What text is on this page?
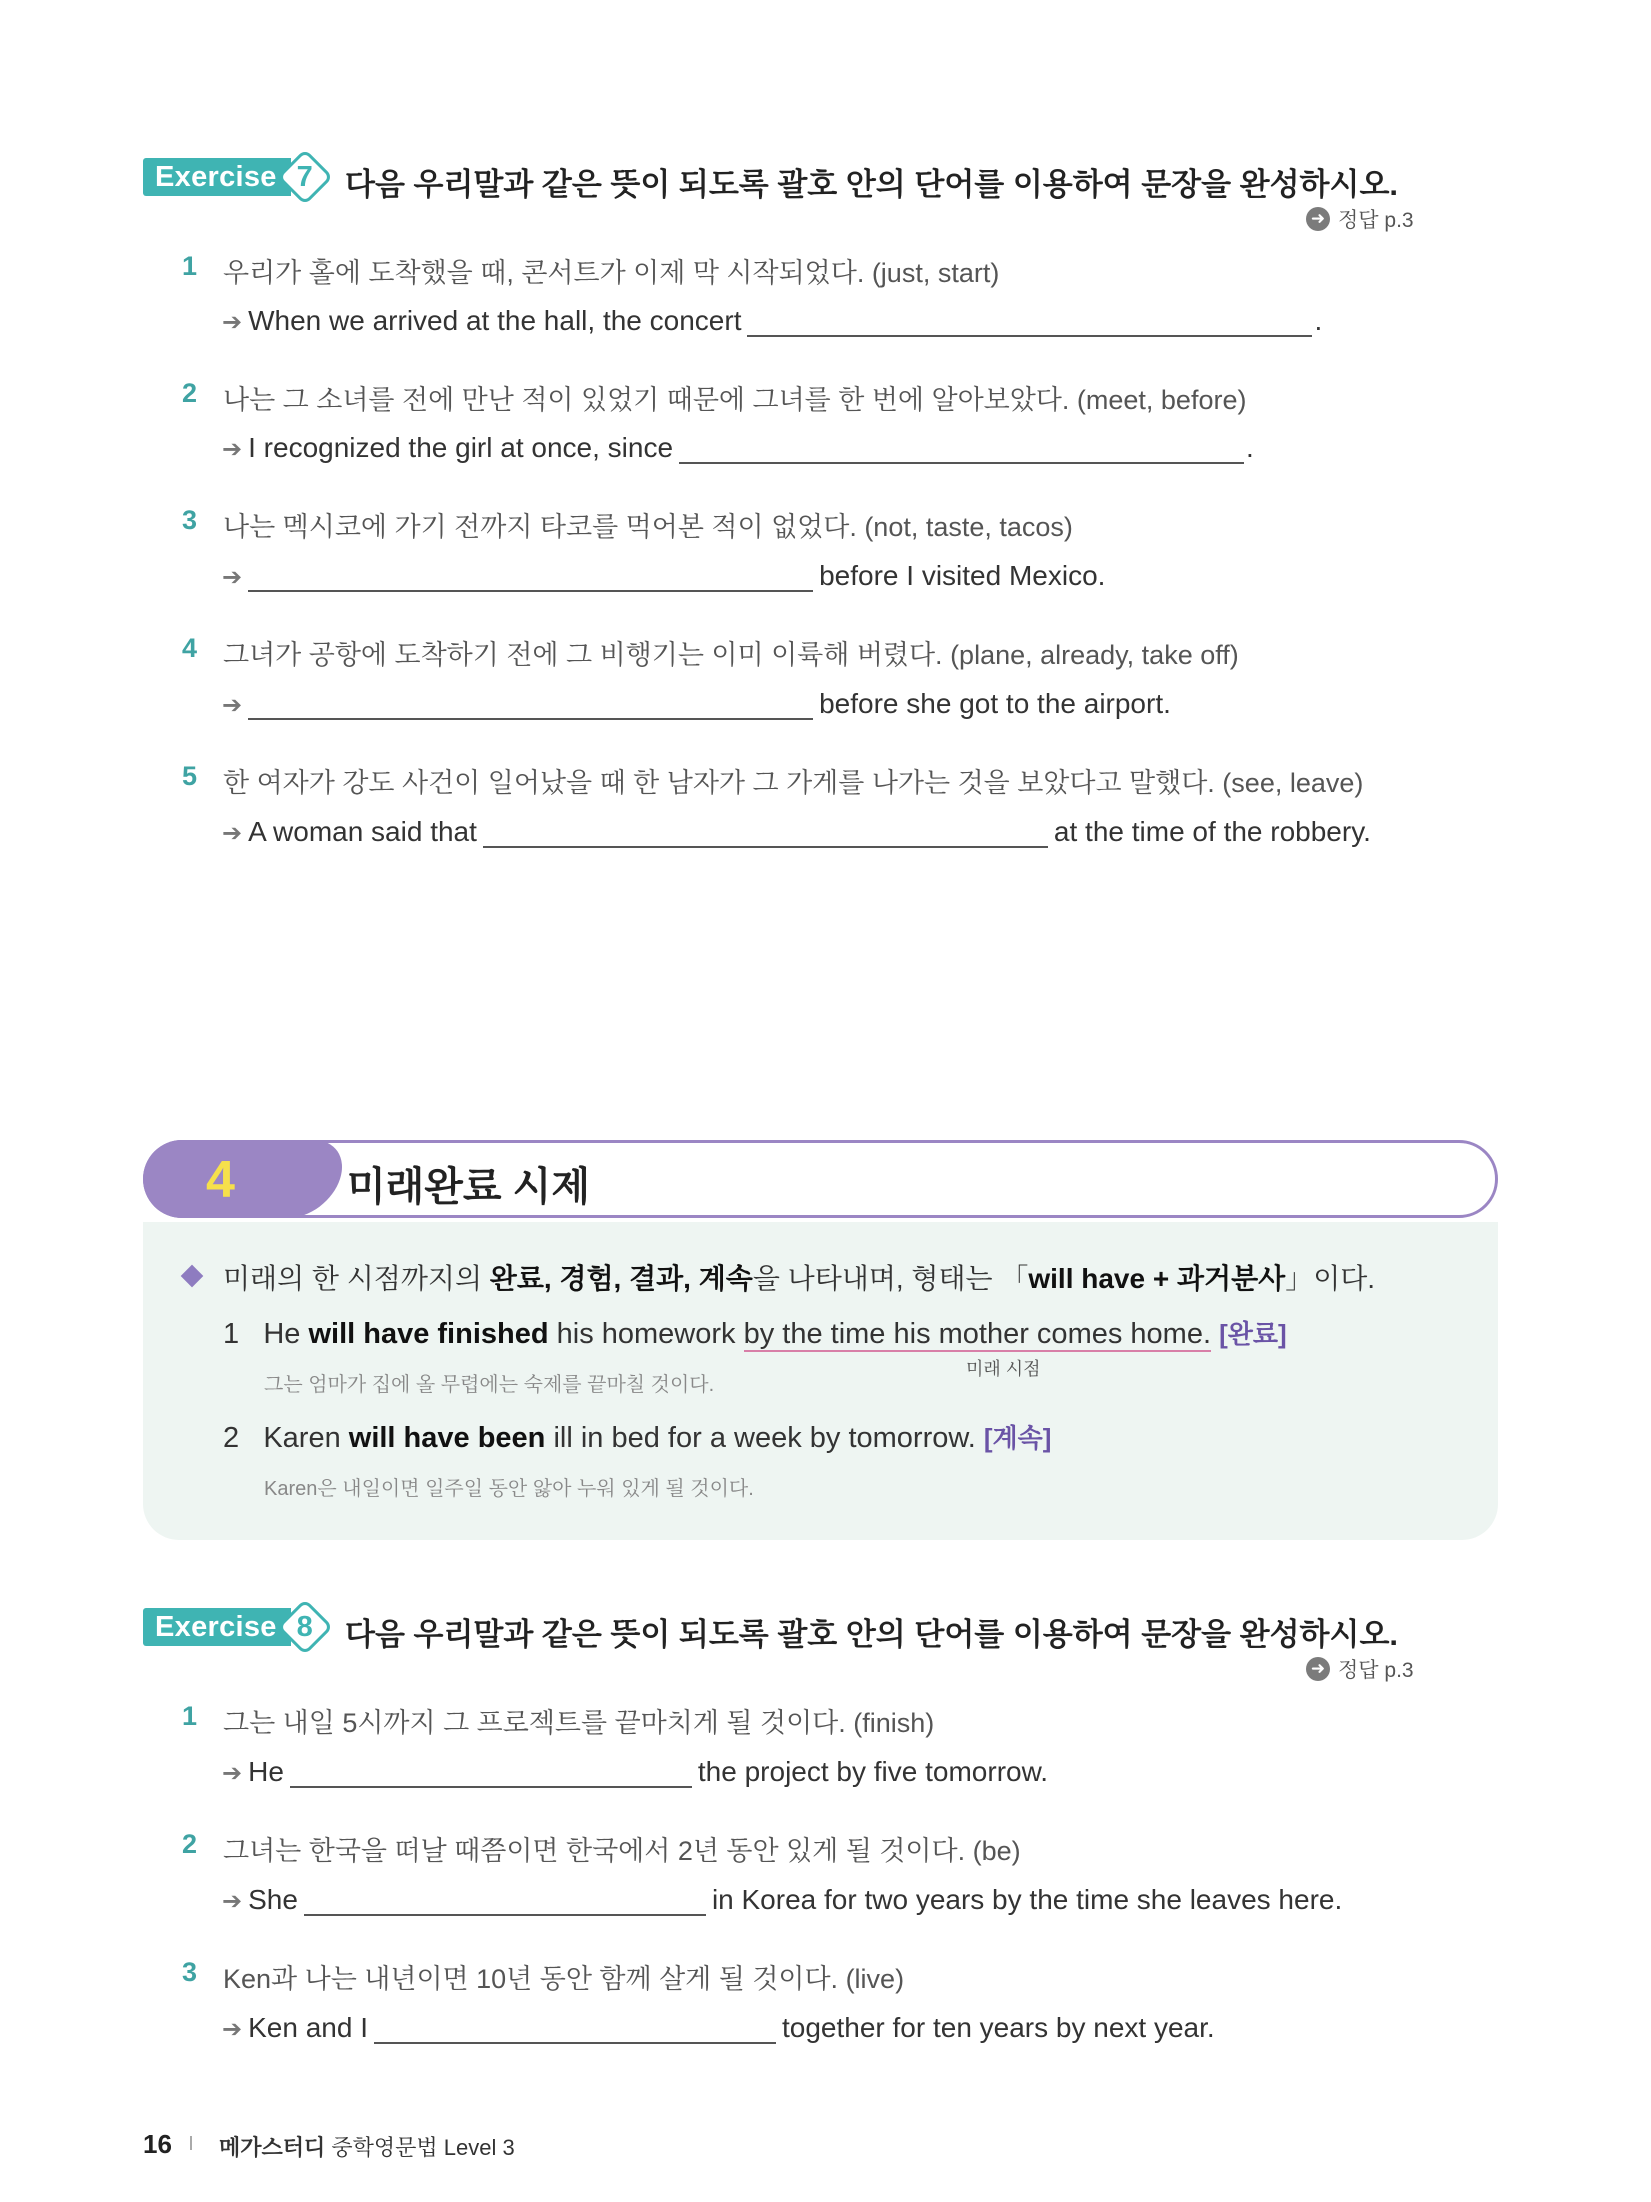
Exercise 7 다음 우리말과 같은 뜻이 되도록 괄호 안의 단어를 이용하여 문장을 완성하시오.
➜ 정답 p.3
1 우리가 홀에 도착했을 때, 콘서트가 이제 막 시작되었다. (just, start)
➔ When we arrived at the hall, the concert	.
2 나는 그 소녀를 전에 만난 적이 있었기 때문에 그녀를 한 번에 알아보았다. (meet, before)
➔ I recognized the girl at once, since	.
3 나는 멕시코에 가기 전까지 타코를 먹어본 적이 없었다. (not, taste, tacos)
➔	before I visited Mexico.
4 그녀가 공항에 도착하기 전에 그 비행기는 이미 이륙해 버렸다. (plane, already, take off)
➔	before she got to the airport.
5 한 여자가 강도 사건이 일어났을 때 한 남자가 그 가게를 나가는 것을 보았다고 말했다. (see, leave)
➔ A woman said that	at the time of the robbery.
4	미래완료 시제
미래의 한 시점까지의 완료, 경험, 결과, 계속을 나타내며, 형태는 「will have + 과거분사」이다.
1 He will have finished his homework by the time his mother comes home. [완료]
미래 시점
그는 엄마가 집에 올 무렵에는 숙제를 끝마칠 것이다.
2 Karen will have been ill in bed for a week by tomorrow. [계속]
Karen은 내일이면 일주일 동안 앓아 누워 있게 될 것이다.
Exercise 8 다음 우리말과 같은 뜻이 되도록 괄호 안의 단어를 이용하여 문장을 완성하시오.
➜ 정답 p.3
1 그는 내일 5시까지 그 프로젝트를 끝마치게 될 것이다. (finish)
➔ He	the project by five tomorrow.
2 그녀는 한국을 떠날 때쯤이면 한국에서 2년 동안 있게 될 것이다. (be)
➔ She	in Korea for two years by the time she leaves here.
3 Ken과 나는 내년이면 10년 동안 함께 살게 될 것이다. (live)
➔ Ken and I	together for ten years by next year.
16 메가스터디 중학영문법 Level 3
